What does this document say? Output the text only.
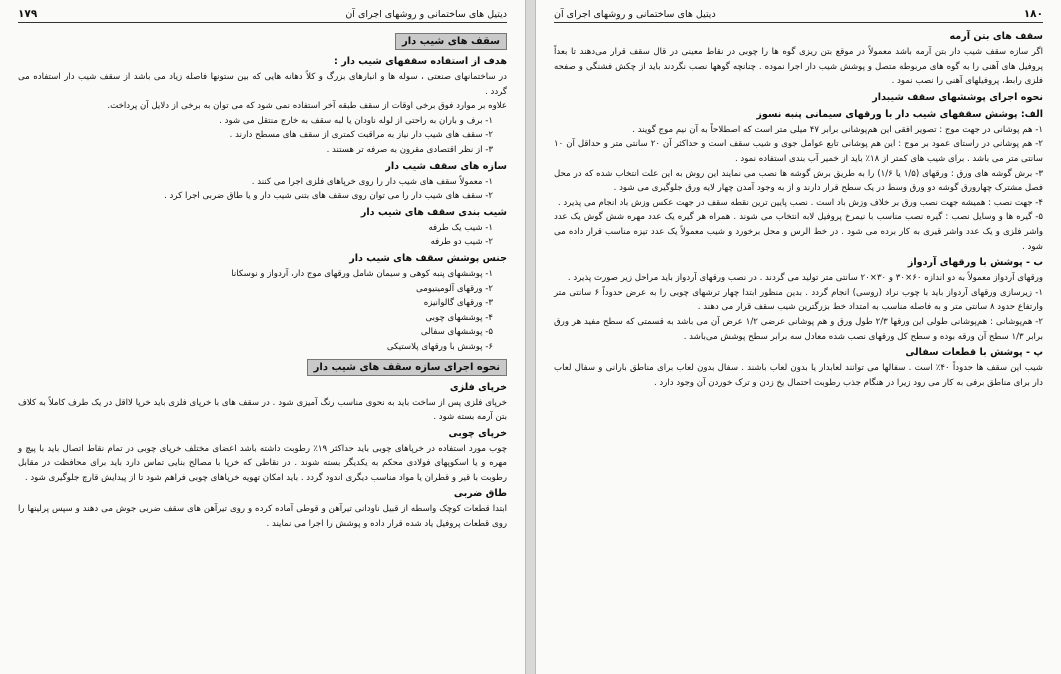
۱۷۹	دیتیل های ساختمانی و روشهای اجرای آن
سقف های شیب دار

هدف از استفاده سقفهای شیب دار :

در ساختمانهای صنعتی ، سوله ها و انبارهای بزرگ و کلاً دهانه هایی که بین ستونها فاصله زیاد می باشد از سقف شیب دار استفاده می گردد .

علاوه بر موارد فوق برخی اوقات از سقف طبقه آخر استفاده نمی شود که می توان به برخی از دلایل آن پرداخت.

۱- برف و باران به راحتی از لوله ناودان یا لبه سقف به خارج منتقل می شود .

۲- سقف های شیب دار نیاز به مراقبت کمتری از سقف های مسطح دارند .

۳- از نظر اقتصادی مقرون به صرفه تر هستند .

سازه های سقف شیب دار

۱- معمولاً سقف های شیب دار را روی خرپاهای فلزی اجرا می کنند .

۲- سقف های شیب دار را می توان روی سقف های بتنی شیب دار و یا طاق ضربی اجرا کرد .

شیب بندی سقف های شیب دار

۱- شیب یک طرفه

۲- شیب دو طرفه

جنس پوشش سقف های شیب دار

۱- پوششهای پنبه کوهی و سیمان شامل ورقهای موج دار، آردواز و نوسکانا

۲- ورقهای آلومینیومی

۳- ورقهای گالوانیزه

۴- پوششهای چوبی

۵- پوششهای سفالی

۶- پوشش با ورقهای پلاستیکی

نحوه اجرای سازه سقف های شیب دار

خرپای فلزی

خرپای فلزی پس از ساخت باید به نحوی مناسب رنگ آمیزی شود . در سقف های با خرپای فلزی باید خرپا لااقل در یک طرف کاملاً به کلاف بتن آرمه بسته شود .

خرپای چوبی

چوب مورد استفاده در خرپاهای چوبی باید حداکثر ۱۹٪ رطوبت داشته باشد اعضای مختلف خرپای چوبی در تمام نقاط اتصال باید با پیچ و مهره و یا اسکوپهای فولادی محکم به یکدیگر بسته شوند . در نقاطی که خرپا با مصالح بنایی تماس دارد باید برای محافظت در مقابل رطوبت با قیر و قطران یا مواد مناسب دیگری اندود گردد . باید امکان تهویه خرپاهای چوبی فراهم شود تا از پیدایش قارچ جلوگیری شود .

طاق ضربی

ابتدا قطعات کوچک واسطه از قبیل ناودانی تیرآهن و قوطی آماده کرده و روی تیرآهن های سقف ضربی جوش می دهند و سپس پرلینها را روی قطعات پروفیل یاد شده قرار داده و پوشش را اجرا می نمایند .

دیتیل های ساختمانی و روشهای اجرای آن	۱۸۰

سقف های بتن آرمه

اگر سازه سقف شیب دار بتن آرمه باشد معمولاً در موقع بتن ریزی گوه ها را چوبی در نقاط معینی در قال سقف قرار می‌دهند تا بعداً پروفیل های آهنی را به گوه های مربوطه متصل و پوشش شیب دار اجرا نموده . چنانچه گوهها نصب نگردند باید از چکش فشنگی و صفحه فلزی رابط، پروفیلهای آهنی را نصب نمود .

نحوه اجرای پوششهای سقف شیبدار

الف: پوشش سقفهای شیب دار با ورقهای سیمانی پنبه نسوز

۱- هم پوشانی در جهت موج : تصویر افقی این هم‌پوشانی برابر ۴۷ میلی متر است که اصطلاحاً به آن نیم موج گویند .

۲- هم پوشانی در راستای عمود بر موج : این هم پوشانی تابع عوامل جوی و شیب سقف است و حداکثر آن ۲۰ سانتی متر و حداقل آن ۱۰ سانتی متر می باشد . برای شیب های کمتر از ۱۸٪ باید از خمیر آب بندی استفاده نمود .

۳- برش گوشه های ورق : ورقهای (۱/۵ یا ۱/۶) را به طریق برش گوشه ها نصب می نمایند این روش به این علت انتخاب شده که در محل فصل مشترک چهارورق گوشه دو ورق وسط در یک سطح قرار دارند و از به وجود آمدن چهار لایه ورق جلوگیری می شود .

۴- جهت نصب : همیشه جهت نصب ورق بر خلاف وزش باد است . نصب پایین ترین نقطه سقف در جهت عکس وزش باد انجام می پذیرد .

۵- گیره ها و وسایل نصب : گیره نصب مناسب با نیمرخ پروفیل لابه انتخاب می شوند . همراه هر گیره یک عدد مهره شش گوش یک عدد واشر فلزی و یک عدد واشر قیری به کار برده می شود . در خط الرس و محل برخورد و شیب معمولاً یک عدد تیزه مناسب قرار داده می شود .

ب - پوشش با ورقهای آردواز

ورقهای آردواز معمولاً به دو اندازه ۶۰×۳۰ و ۳۰×۲۰ سانتی متر تولید می گردند . در نصب ورقهای آردواز باید مراحل زیر صورت پذیرد .

۱- زیرسازی ورقهای آردواز باید با چوب نراد (روسی) انجام گردد . بدین منظور ابتدا چهار ترشهای چوبی را به عرض حدوداً ۶ سانتی متر وارتفاع حدود ۸ سانتی متر و به فاصله مناسب به امتداد خط بزرگترین شیب سقف قرار می دهند .

۲- هم‌پوشانی : هم‌پوشانی طولی این ورقها ۲/۳ طول ورق و هم پوشانی عرضی ۱/۲ عرض آن می باشد به قسمتی که سطح مفید هر ورق برابر ۱/۳ سطح آن ورقه بوده و سطح کل ورقهای نصب شده معادل سه برابر سطح پوشش می‌باشد .

پ - پوشش با قطعات سفالی

شیب این سقف ها حدوداً ۴۰٪ است . سفالها می توانند لعابدار یا بدون لعاب باشند . سفال بدون لعاب برای مناطق بارانی و سفال لعاب دار برای مناطق برفی به کار می رود زیرا در هنگام جذب رطوبت احتمال یخ زدن و ترک خوردن آن وجود دارد .
